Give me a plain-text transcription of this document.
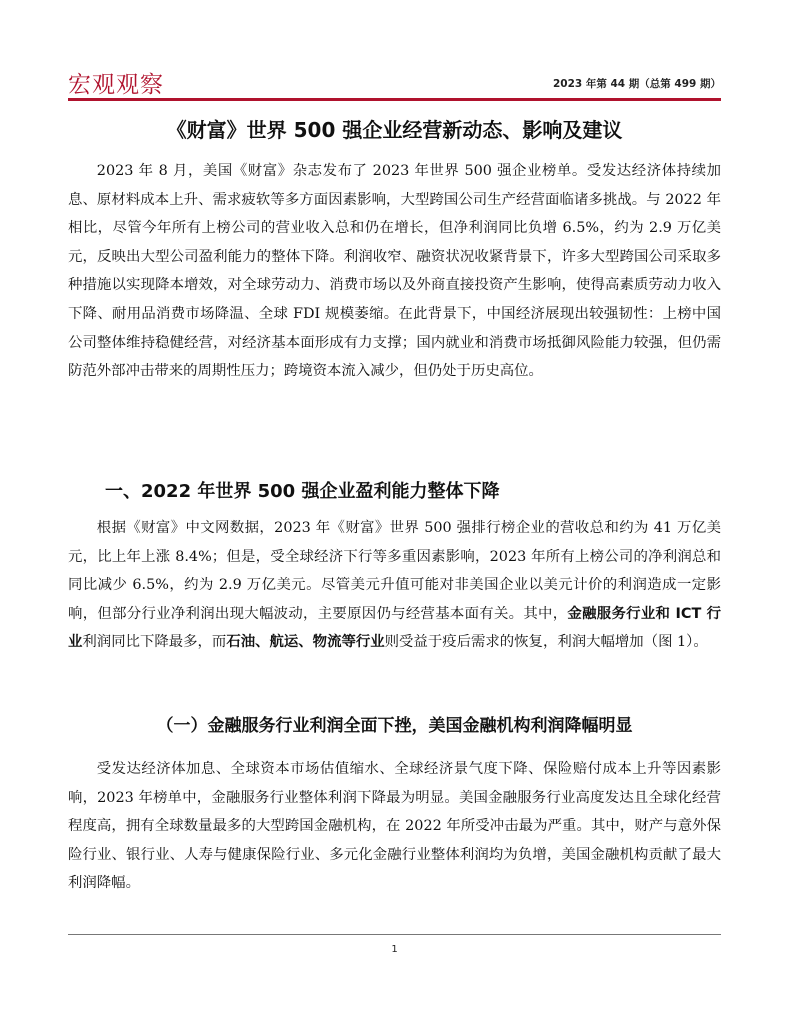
宏观观察	2023 年第 44 期（总第 499 期）
《财富》世界 500 强企业经营新动态、影响及建议

2023 年 8 月，美国《财富》杂志发布了 2023 年世界 500 强企业榜单。受发达经济体持续加息、原材料成本上升、需求疲软等多方面因素影响，大型跨国公司生产经营面临诸多挑战。与 2022 年相比，尽管今年所有上榜公司的营业收入总和仍在增长，但净利润同比负增 6.5%，约为 2.9 万亿美元，反映出大型公司盈利能力的整体下降。利润收窄、融资状况收紧背景下，许多大型跨国公司采取多种措施以实现降本增效，对全球劳动力、消费市场以及外商直接投资产生影响，使得高素质劳动力收入下降、耐用品消费市场降温、全球 FDI 规模萎缩。在此背景下，中国经济展现出较强韧性：上榜中国公司整体维持稳健经营，对经济基本面形成有力支撑；国内就业和消费市场抵御风险能力较强，但仍需防范外部冲击带来的周期性压力；跨境资本流入减少，但仍处于历史高位。

一、2022 年世界 500 强企业盈利能力整体下降

根据《财富》中文网数据，2023 年《财富》世界 500 强排行榜企业的营收总和约为 41 万亿美元，比上年上涨 8.4%；但是，受全球经济下行等多重因素影响，2023 年所有上榜公司的净利润总和同比减少 6.5%，约为 2.9 万亿美元。尽管美元升值可能对非美国企业以美元计价的利润造成一定影响，但部分行业净利润出现大幅波动，主要原因仍与经营基本面有关。其中，金融服务行业和 ICT 行业利润同比下降最多，而石油、航运、物流等行业则受益于疫后需求的恢复，利润大幅增加（图 1）。

（一）金融服务行业利润全面下挫，美国金融机构利润降幅明显

受发达经济体加息、全球资本市场估值缩水、全球经济景气度下降、保险赔付成本上升等因素影响，2023 年榜单中，金融服务行业整体利润下降最为明显。美国金融服务行业高度发达且全球化经营程度高，拥有全球数量最多的大型跨国金融机构，在 2022 年所受冲击最为严重。其中，财产与意外保险行业、银行业、人寿与健康保险行业、多元化金融行业整体利润均为负增，美国金融机构贡献了最大利润降幅。

1
